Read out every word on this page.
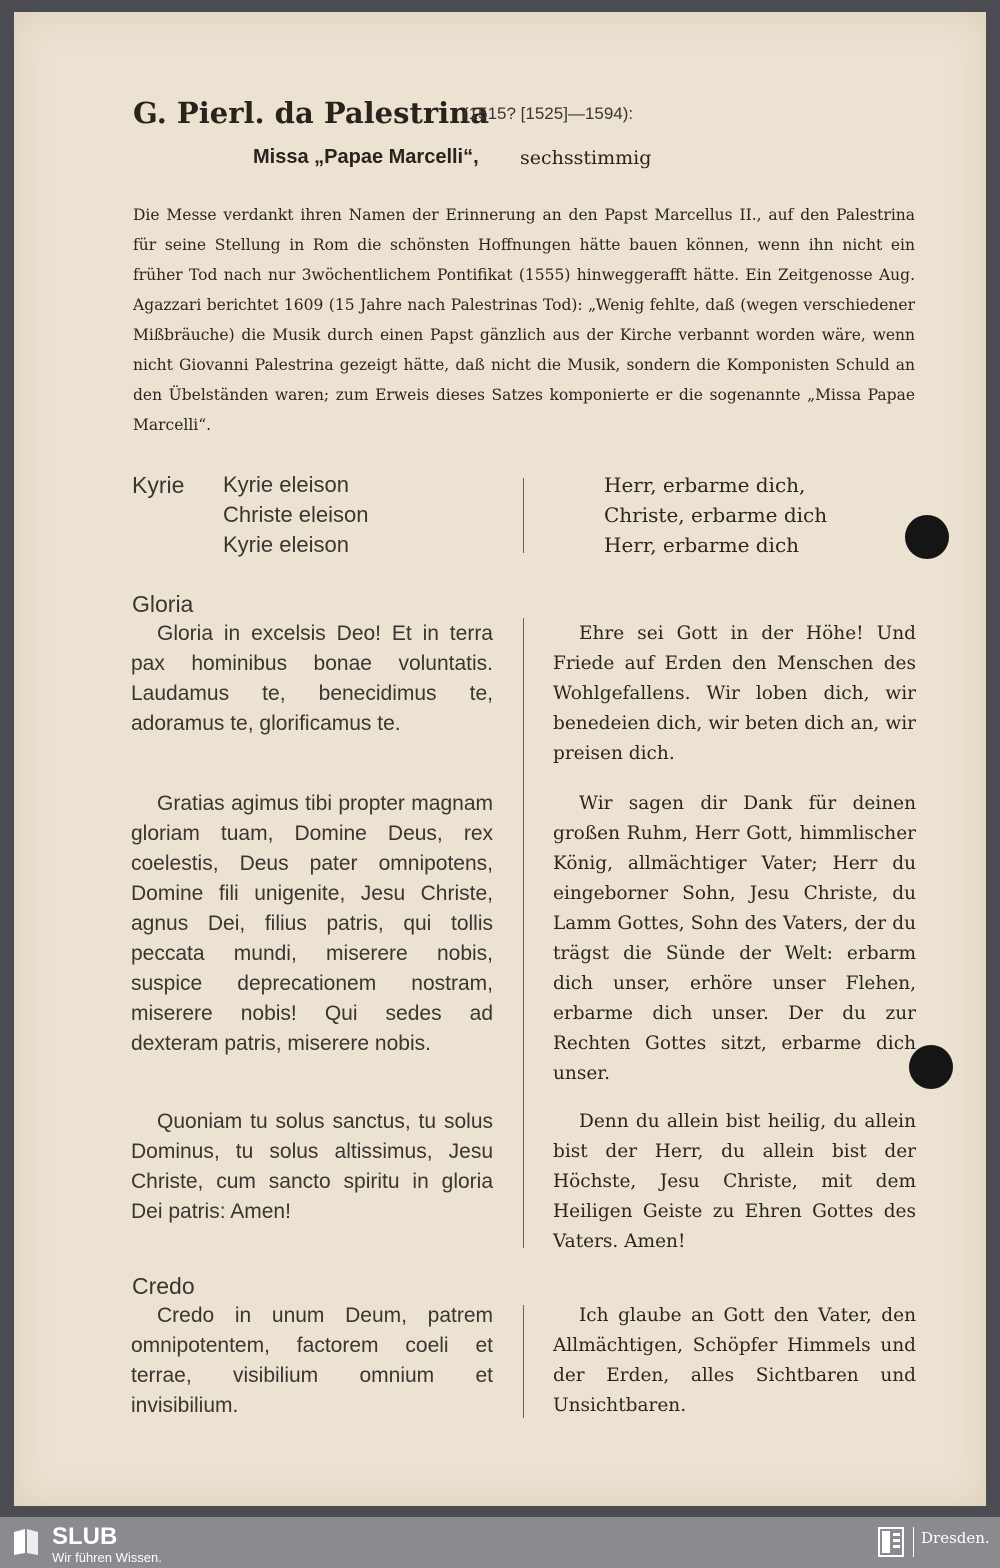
G. Pierl. da Palestrina
(1515? [1525]—1594):
Missa „Papae Marcelli“, sechsstimmig

Die Messe verdankt ihren Namen der Erinnerung an den Papst Marcellus II., auf den Palestrina für seine Stellung in Rom die schönsten Hoffnungen hätte bauen können, wenn ihn nicht ein früher Tod nach nur 3wöchentlichem Pontifikat (1555) hinweggerafft hätte. Ein Zeitgenosse Aug. Agazzari berichtet 1609 (15 Jahre nach Palestrinas Tod): „Wenig fehlte, daß (wegen verschiedener Mißbräuche) die Musik durch einen Papst gänzlich aus der Kirche verbannt worden wäre, wenn nicht Giovanni Palestrina gezeigt hätte, daß nicht die Musik, sondern die Komponisten Schuld an den Übelständen waren; zum Erweis dieses Satzes komponierte er die sogenannte „Missa Papae Marcelli“.

Kyrie Kyrie eleison
Christe eleison
Kyrie eleison
Herr, erbarme dich,
Christe, erbarme dich
Herr, erbarme dich
Gloria

Gloria in excelsis Deo! Et in terra pax hominibus bonae voluntatis. Laudamus te, benecidimus te, adoramus te, glorificamus te.

Ehre sei Gott in der Höhe! Und Friede auf Erden den Menschen des Wohlgefallens. Wir loben dich, wir benedeien dich, wir beten dich an, wir preisen dich.

Gratias agimus tibi propter magnam gloriam tuam, Domine Deus, rex coelestis, Deus pater omnipotens, Domine fili unigenite, Jesu Christe, agnus Dei, filius patris, qui tollis peccata mundi, miserere nobis, suspice deprecationem nostram, miserere nobis! Qui sedes ad dexteram patris, miserere nobis.

Wir sagen dir Dank für deinen großen Ruhm, Herr Gott, himmlischer König, allmächtiger Vater; Herr du eingeborner Sohn, Jesu Christe, du Lamm Gottes, Sohn des Vaters, der du trägst die Sünde der Welt: erbarm dich unser, erhöre unser Flehen, erbarme dich unser. Der du zur Rechten Gottes sitzt, erbarme dich unser.

Quoniam tu solus sanctus, tu solus Dominus, tu solus altissimus, Jesu Christe, cum sancto spiritu in gloria Dei patris: Amen!

Denn du allein bist heilig, du allein bist der Herr, du allein bist der Höchste, Jesu Christe, mit dem Heiligen Geiste zu Ehren Gottes des Vaters. Amen!

Credo

Credo in unum Deum, patrem omnipotentem, factorem coeli et terrae, visibilium omnium et invisibilium.

Ich glaube an Gott den Vater, den Allmächtigen, Schöpfer Himmels und der Erden, alles Sichtbaren und Unsichtbaren.

SLUB
Wir führen Wissen.
Dresden.
